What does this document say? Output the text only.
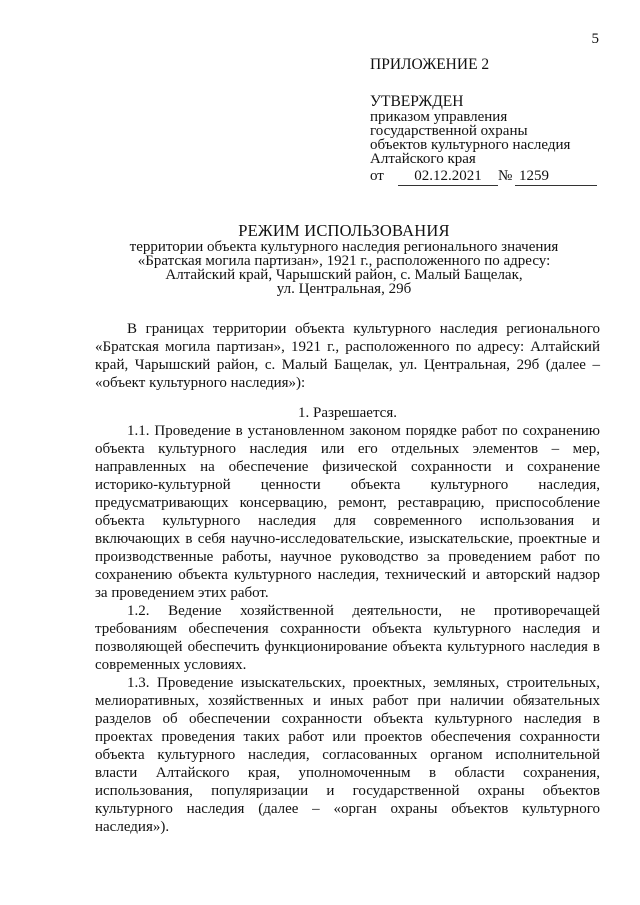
5
ПРИЛОЖЕНИЕ 2
УТВЕРЖДЕН
приказом управления
государственной охраны
объектов культурного наследия
Алтайского края
от	02.12.2021	№ 1259
РЕЖИМ ИСПОЛЬЗОВАНИЯ
территории объекта культурного наследия регионального значения
«Братская могила партизан», 1921 г., расположенного по адресу:
Алтайский край, Чарышский район, с. Малый Бащелак,
ул. Центральная, 29б

В границах территории объекта культурного наследия регионального «Братская могила партизан», 1921 г., расположенного по адресу: Алтайский край, Чарышский район, с. Малый Бащелак, ул. Центральная, 29б (далее – «объект культурного наследия»):

1. Разрешается.

1.1. Проведение в установленном законом порядке работ по сохранению объекта культурного наследия или его отдельных элементов – мер, направленных на обеспечение физической сохранности и сохранение историко-культурной ценности объекта культурного наследия, предусматривающих консервацию, ремонт, реставрацию, приспособление объекта культурного наследия для современного использования и включающих в себя научно-исследовательские, изыскательские, проектные и производственные работы, научное руководство за проведением работ по сохранению объекта культурного наследия, технический и авторский надзор за проведением этих работ.

1.2. Ведение хозяйственной деятельности, не противоречащей требованиям обеспечения сохранности объекта культурного наследия и позволяющей обеспечить функционирование объекта культурного наследия в современных условиях.

1.3. Проведение изыскательских, проектных, земляных, строительных, мелиоративных, хозяйственных и иных работ при наличии обязательных разделов об обеспечении сохранности объекта культурного наследия в проектах проведения таких работ или проектов обеспечения сохранности объекта культурного наследия, согласованных органом исполнительной власти Алтайского края, уполномоченным в области сохранения, использования, популяризации и государственной охраны объектов культурного наследия (далее – «орган охраны объектов культурного наследия»).
